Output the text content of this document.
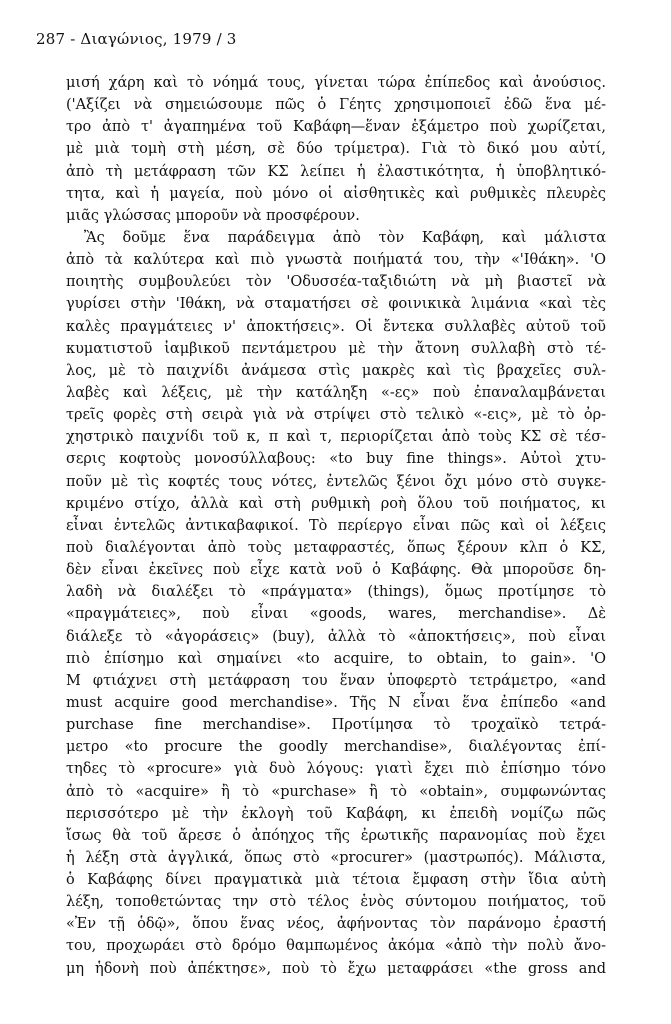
287 - Διαγώνιος, 1979 / 3
μισή χάρη καὶ τὸ νόημά τους, γίνεται τώρα ἐπίπεδος καὶ ἀνούσιος.
('Αξίζει νὰ σημειώσουμε πῶς ὁ Γέητς χρησιμοποιεῖ ἐδῶ ἕνα μέ-
τρο ἀπὸ τ' ἀγαπημένα τοῦ Καβάφη—ἕναν ἑξάμετρο ποὺ χωρίζεται,
μὲ μιὰ τομὴ στὴ μέση, σὲ δύο τρίμετρα). Γιὰ τὸ δικό μου αὐτί,
ἀπὸ τὴ μετάφραση τῶν ΚΣ λείπει ἡ ἐλαστικότητα, ἡ ὑποβλητικό-
τητα, καὶ ἡ μαγεία, ποὺ μόνο οἱ αἰσθητικὲς καὶ ρυθμικὲς πλευρὲς
μιᾶς γλώσσας μποροῦν νὰ προσφέρουν.
Ἂς δοῦμε ἕνα παράδειγμα ἀπὸ τὸν Καβάφη, καὶ μάλιστα
ἀπὸ τὰ καλύτερα καὶ πιὸ γνωστὰ ποιήματά του, τὴν «'Ιθάκη». 'Ο
ποιητὴς συμβουλεύει τὸν 'Οδυσσέα-ταξιδιώτη νὰ μὴ βιαστεῖ νὰ
γυρίσει στὴν 'Ιθάκη, νὰ σταματήσει σὲ φοινικικὰ λιμάνια «καὶ τὲς
καλὲς πραγμάτειες ν' ἀποκτήσεις». Οἱ ἔντεκα συλλαβὲς αὐτοῦ τοῦ
κυματιστοῦ ἰαμβικοῦ πεντάμετρου μὲ τὴν ἄτονη συλλαβὴ στὸ τέ-
λος, μὲ τὸ παιχνίδι ἀνάμεσα στὶς μακρὲς καὶ τὶς βραχεῖες συλ-
λαβὲς καὶ λέξεις, μὲ τὴν κατάληξη «-ες» ποὺ ἐπαναλαμβάνεται
τρεῖς φορὲς στὴ σειρὰ γιὰ νὰ στρίψει στὸ τελικὸ «-εις», μὲ τὸ ὀρ-
χηστρικὸ παιχνίδι τοῦ κ, π καὶ τ, περιορίζεται ἀπὸ τοὺς ΚΣ σὲ τέσ-
σερις κοφτοὺς μονοσύλλαβους: «to buy fine things». Αὐτοὶ χτυ-
ποῦν μὲ τὶς κοφτές τους νότες, ἐντελῶς ξένοι ὄχι μόνο στὸ συγκε-
κριμένο στίχο, ἀλλὰ καὶ στὴ ρυθμικὴ ροὴ ὅλου τοῦ ποιήματος, κι
εἶναι ἐντελῶς ἀντικαβαφικοί. Τὸ περίεργο εἶναι πῶς καὶ οἱ λέξεις
ποὺ διαλέγονται ἀπὸ τοὺς μεταφραστές, ὅπως ξέρουν κλπ ὁ ΚΣ,
δὲν εἶναι ἐκεῖνες ποὺ εἶχε κατὰ νοῦ ὁ Καβάφης. Θὰ μποροῦσε δη-
λαδὴ νὰ διαλέξει τὸ «πράγματα» (things), ὅμως προτίμησε τὸ
«πραγμάτειες», ποὺ εἶναι «goods, wares, merchandise». Δὲ
διάλεξε τὸ «ἀγοράσεις» (buy), ἀλλὰ τὸ «ἀποκτήσεις», ποὺ εἶναι
πιὸ ἐπίσημο καὶ σημαίνει «to acquire, to obtain, to gain». 'Ο
Μ φτιάχνει στὴ μετάφραση του ἕναν ὑποφερτὸ τετράμετρο, «and
must acquire good merchandise». Τῆς Ν εἶναι ἕνα ἐπίπεδο «and
purchase fine merchandise». Προτίμησα τὸ τροχαϊκὸ τετρά-
μετρο «to procure the goodly merchandise», διαλέγοντας ἐπί-
τηδες τὸ «procure» γιὰ δυὸ λόγους: γιατὶ ἔχει πιὸ ἐπίσημο τόνο
ἀπὸ τὸ «acquire» ἢ τὸ «purchase» ἢ τὸ «obtain», συμφωνώντας
περισσότερο μὲ τὴν ἐκλογὴ τοῦ Καβάφη, κι ἐπειδὴ νομίζω πῶς
ἴσως θὰ τοῦ ἄρεσε ὁ ἀπόηχος τῆς ἐρωτικῆς παρανομίας ποὺ ἔχει
ἡ λέξη στὰ ἀγγλικά, ὅπως στὸ «procurer» (μαστρωπός). Μάλιστα,
ὁ Καβάφης δίνει πραγματικὰ μιὰ τέτοια ἔμφαση στὴν ἴδια αὐτὴ
λέξη, τοποθετώντας την στὸ τέλος ἑνὸς σύντομου ποιήματος, τοῦ
«Ἐν τῇ ὁδῷ», ὅπου ἕνας νέος, ἀφήνοντας τὸν παράνομο ἐραστή
του, προχωράει στὸ δρόμο θαμπωμένος ἀκόμα «ἀπὸ τὴν πολὺ ἄνο-
μη ἡδονὴ ποὺ ἀπέκτησε», ποὺ τὸ ἔχω μεταφράσει «the gross and
